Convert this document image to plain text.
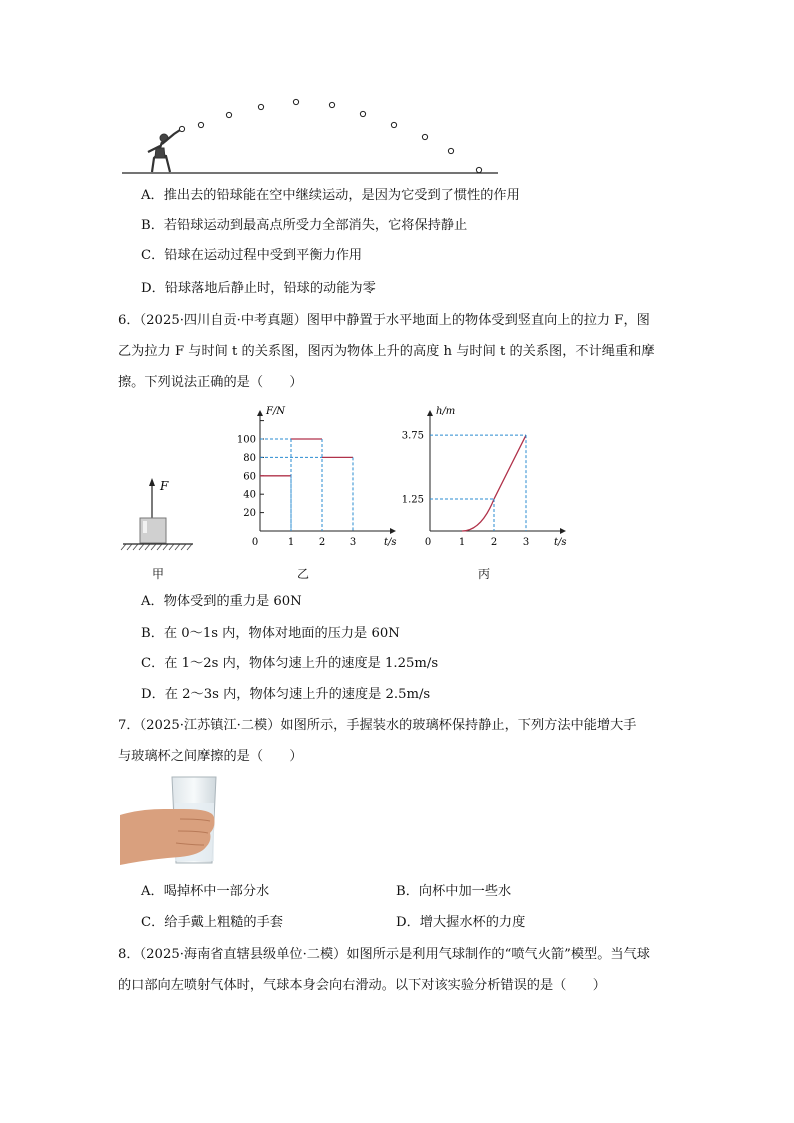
A．推出去的铅球能在空中继续运动，是因为它受到了惯性的作用
B．若铅球运动到最高点所受力全部消失，它将保持静止
C．铅球在运动过程中受到平衡力作用
D．铅球落地后静止时，铅球的动能为零
6．（2025·四川自贡·中考真题）图甲中静置于水平地面上的物体受到竖直向上的拉力 F，图
乙为拉力 F 与时间 t 的关系图，图丙为物体上升的高度 h 与时间 t 的关系图，不计绳重和摩
擦。下列说法正确的是（　　）
F
甲
F/N
t/s
0	1 2 3
100
80
60
40
20
乙
h/m
t/s
0	1	2	3
3.75
1.25
丙
A．物体受到的重力是 60N
B．在 0～1s 内，物体对地面的压力是 60N
C．在 1～2s 内，物体匀速上升的速度是 1.25m/s
D．在 2～3s 内，物体匀速上升的速度是 2.5m/s
7．（2025·江苏镇江·二模）如图所示，手握装水的玻璃杯保持静止，下列方法中能增大手
与玻璃杯之间摩擦的是（　　）
A．喝掉杯中一部分水	B．向杯中加一些水
C．给手戴上粗糙的手套	D．增大握水杯的力度
8．（2025·海南省直辖县级单位·二模）如图所示是利用气球制作的“喷气火箭”模型。当气球
的口部向左喷射气体时，气球本身会向右滑动。以下对该实验分析错误的是（　　）
